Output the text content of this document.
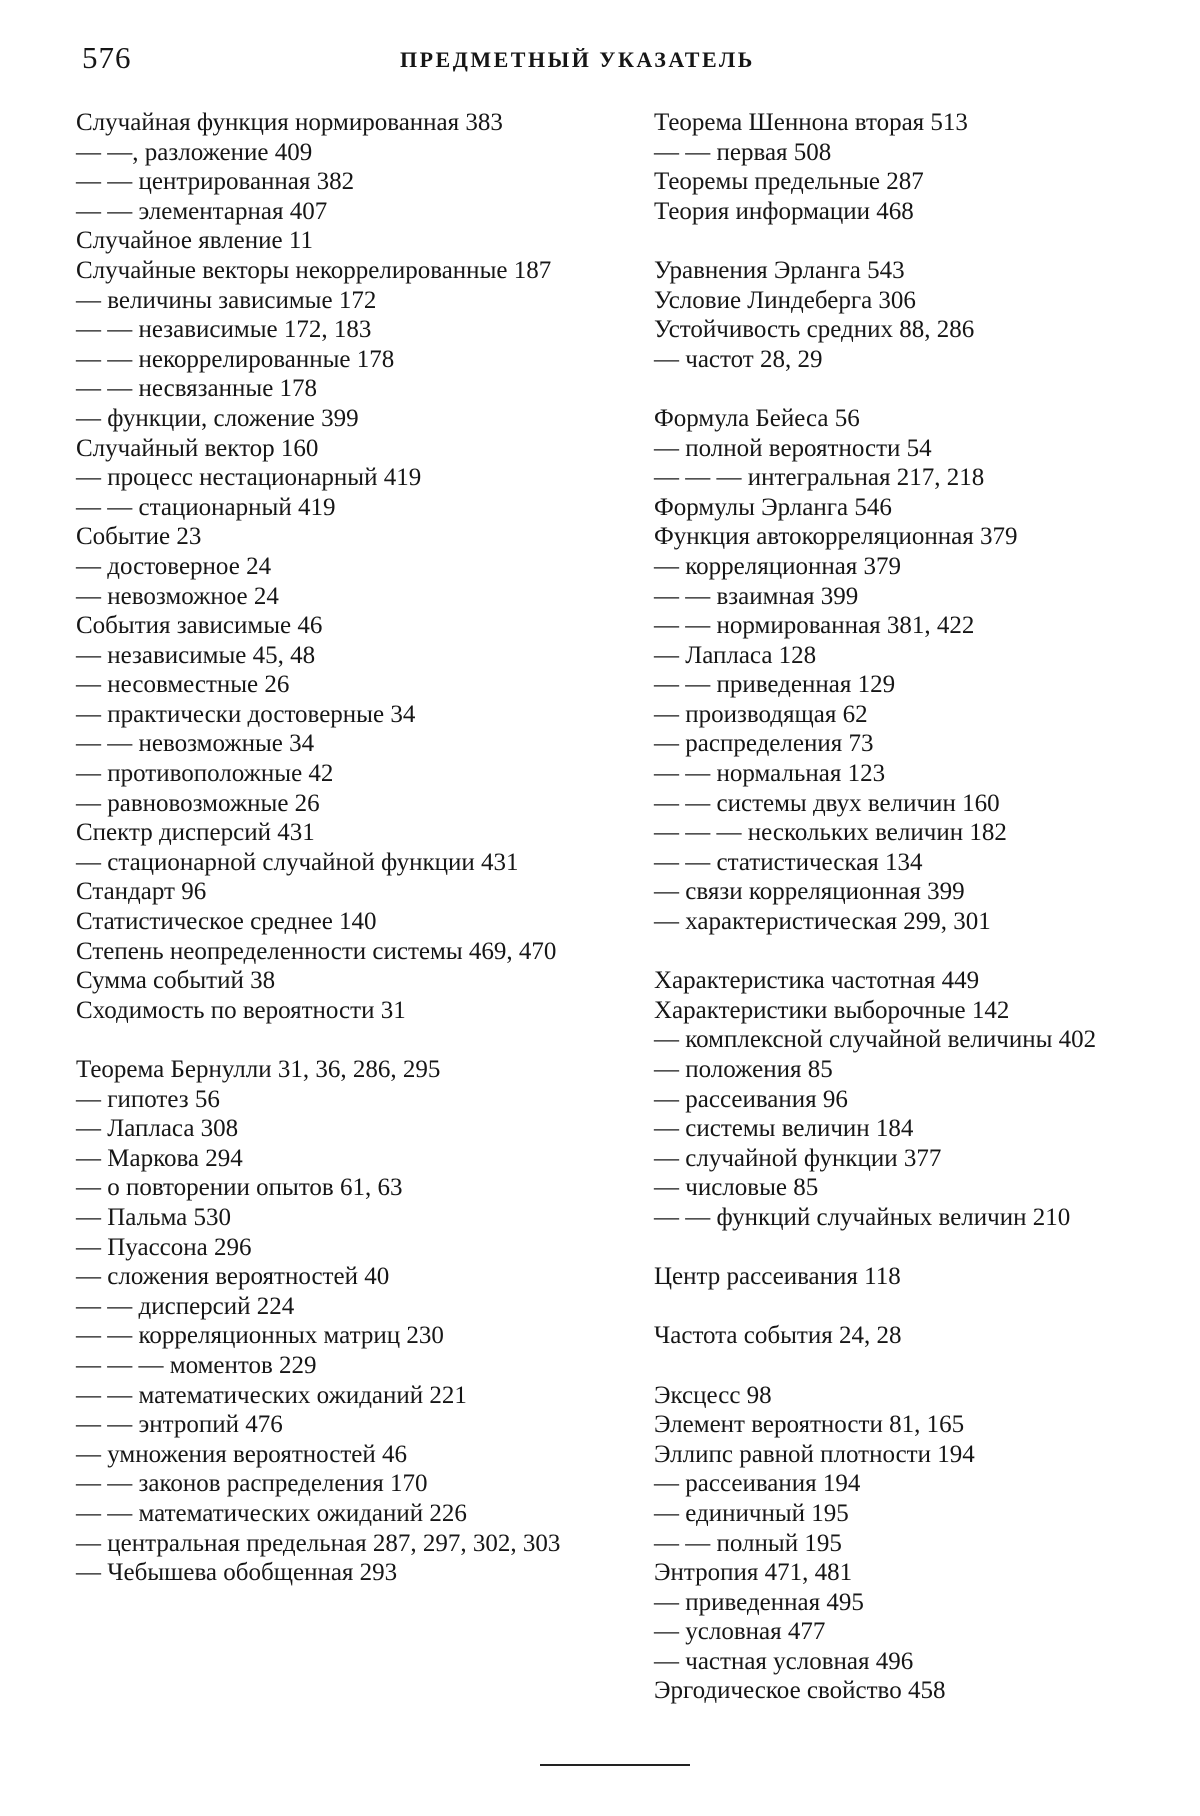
576	ПРЕДМЕТНЫЙ УКАЗАТЕЛЬ
Случайная функция нормированная 383
— —, разложение 409
— — центрированная 382
— — элементарная 407
Случайное явление 11
Случайные векторы некоррелированные 187
— величины зависимые 172
— — независимые 172, 183
— — некоррелированные 178
— — несвязанные 178
— функции, сложение 399
Случайный вектор 160
— процесс нестационарный 419
— — стационарный 419
Событие 23
— достоверное 24
— невозможное 24
События зависимые 46
— независимые 45, 48
— несовместные 26
— практически достоверные 34
— — невозможные 34
— противоположные 42
— равновозможные 26
Спектр дисперсий 431
— стационарной случайной функции 431
Стандарт 96
Статистическое среднее 140
Степень неопределенности системы 469, 470
Сумма событий 38
Сходимость по вероятности 31
Теорема Бернулли 31, 36, 286, 295
— гипотез 56
— Лапласа 308
— Маркова 294
— о повторении опытов 61, 63
— Пальма 530
— Пуассона 296
— сложения вероятностей 40
— — дисперсий 224
— — корреляционных матриц 230
— — — моментов 229
— — математических ожиданий 221
— — энтропий 476
— умножения вероятностей 46
— — законов распределения 170
— — математических ожиданий 226
— центральная предельная 287, 297, 302, 303
— Чебышева обобщенная 293
Теорема Шеннона вторая 513
— — первая 508
Теоремы предельные 287
Теория информации 468
Уравнения Эрланга 543
Условие Линдеберга 306
Устойчивость средних 88, 286
— частот 28, 29
Формула Бейеса 56
— полной вероятности 54
— — — интегральная 217, 218
Формулы Эрланга 546
Функция автокорреляционная 379
— корреляционная 379
— — взаимная 399
— — нормированная 381, 422
— Лапласа 128
— — приведенная 129
— производящая 62
— распределения 73
— — нормальная 123
— — системы двух величин 160
— — — нескольких величин 182
— — статистическая 134
— связи корреляционная 399
— характеристическая 299, 301
Характеристика частотная 449
Характеристики выборочные 142
— комплексной случайной величины 402
— положения 85
— рассеивания 96
— системы величин 184
— случайной функции 377
— числовые 85
— — функций случайных величин 210
Центр рассеивания 118
Частота события 24, 28
Эксцесс 98
Элемент вероятности 81, 165
Эллипс равной плотности 194
— рассеивания 194
— единичный 195
— — полный 195
Энтропия 471, 481
— приведенная 495
— условная 477
— частная условная 496
Эргодическое свойство 458
